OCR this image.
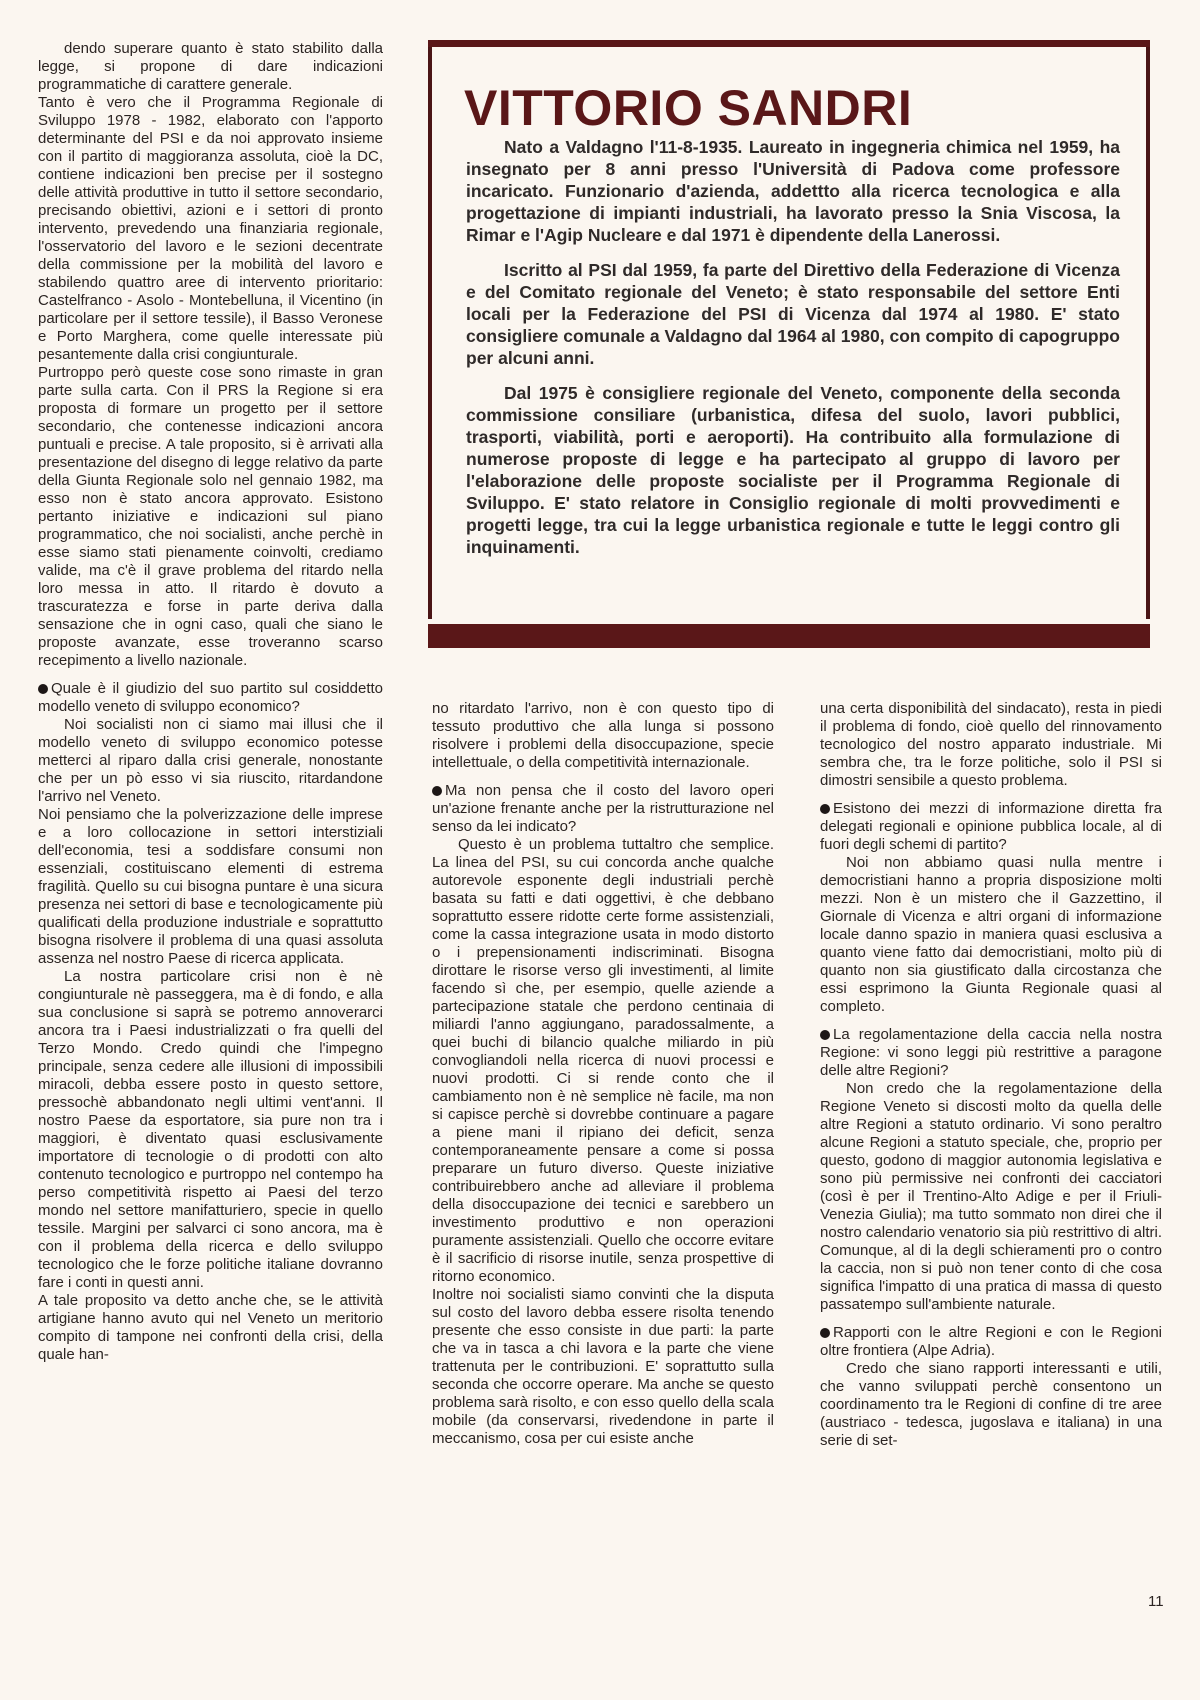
dendo superare quanto è stato stabilito dalla legge, si propone di dare indicazioni programmatiche di carattere generale.

Tanto è vero che il Programma Regionale di Sviluppo 1978 - 1982, elaborato con l'apporto determinante del PSI e da noi approvato insieme con il partito di maggioranza assoluta, cioè la DC, contiene indicazioni ben precise per il sostegno delle attività produttive in tutto il settore secondario, precisando obiettivi, azioni e i settori di pronto intervento, prevedendo una finanziaria regionale, l'osservatorio del lavoro e le sezioni decentrate della commissione per la mobilità del lavoro e stabilendo quattro aree di intervento prioritario: Castelfranco - Asolo - Montebelluna, il Vicentino (in particolare per il settore tessile), il Basso Veronese e Porto Marghera, come quelle interessate più pesantemente dalla crisi congiunturale.

Purtroppo però queste cose sono rimaste in gran parte sulla carta. Con il PRS la Regione si era proposta di formare un progetto per il settore secondario, che contenesse indicazioni ancora puntuali e precise. A tale proposito, si è arrivati alla presentazione del disegno di legge relativo da parte della Giunta Regionale solo nel gennaio 1982, ma esso non è stato ancora approvato. Esistono pertanto iniziative e indicazioni sul piano programmatico, che noi socialisti, anche perchè in esse siamo stati pienamente coinvolti, crediamo valide, ma c'è il grave problema del ritardo nella loro messa in atto. Il ritardo è dovuto a trascuratezza e forse in parte deriva dalla sensazione che in ogni caso, quali che siano le proposte avanzate, esse troveranno scarso recepimento a livello nazionale.

Quale è il giudizio del suo partito sul cosiddetto modello veneto di sviluppo economico?

Noi socialisti non ci siamo mai illusi che il modello veneto di sviluppo economico potesse metterci al riparo dalla crisi generale, nonostante che per un pò esso vi sia riuscito, ritardandone l'arrivo nel Veneto.

Noi pensiamo che la polverizzazione delle imprese e a loro collocazione in settori interstiziali dell'economia, tesi a soddisfare consumi non essenziali, costituiscano elementi di estrema fragilità. Quello su cui bisogna puntare è una sicura presenza nei settori di base e tecnologicamente più qualificati della produzione industriale e soprattutto bisogna risolvere il problema di una quasi assoluta assenza nel nostro Paese di ricerca applicata.

La nostra particolare crisi non è nè congiunturale nè passeggera, ma è di fondo, e alla sua conclusione si saprà se potremo annoverarci ancora tra i Paesi industrializzati o fra quelli del Terzo Mondo. Credo quindi che l'impegno principale, senza cedere alle illusioni di impossibili miracoli, debba essere posto in questo settore, pressochè abbandonato negli ultimi vent'anni. Il nostro Paese da esportatore, sia pure non tra i maggiori, è diventato quasi esclusivamente importatore di tecnologie o di prodotti con alto contenuto tecnologico e purtroppo nel contempo ha perso competitività rispetto ai Paesi del terzo mondo nel settore manifatturiero, specie in quello tessile. Margini per salvarci ci sono ancora, ma è con il problema della ricerca e dello sviluppo tecnologico che le forze politiche italiane dovranno fare i conti in questi anni.

A tale proposito va detto anche che, se le attività artigiane hanno avuto qui nel Veneto un meritorio compito di tampone nei confronti della crisi, della quale han-

VITTORIO SANDRI

Nato a Valdagno l'11-8-1935. Laureato in ingegneria chimica nel 1959, ha insegnato per 8 anni presso l'Università di Padova come professore incaricato. Funzionario d'azienda, addettto alla ricerca tecnologica e alla progettazione di impianti industriali, ha lavorato presso la Snia Viscosa, la Rimar e l'Agip Nucleare e dal 1971 è dipendente della Lanerossi.

Iscritto al PSI dal 1959, fa parte del Direttivo della Federazione di Vicenza e del Comitato regionale del Veneto; è stato responsabile del settore Enti locali per la Federazione del PSI di Vicenza dal 1974 al 1980. E' stato consigliere comunale a Valdagno dal 1964 al 1980, con compito di capogruppo per alcuni anni.

Dal 1975 è consigliere regionale del Veneto, componente della seconda commissione consiliare (urbanistica, difesa del suolo, lavori pubblici, trasporti, viabilità, porti e aeroporti). Ha contribuito alla formulazione di numerose proposte di legge e ha partecipato al gruppo di lavoro per l'elaborazione delle proposte socialiste per il Programma Regionale di Sviluppo. E' stato relatore in Consiglio regionale di molti provvedimenti e progetti legge, tra cui la legge urbanistica regionale e tutte le leggi contro gli inquinamenti.

no ritardato l'arrivo, non è con questo tipo di tessuto produttivo che alla lunga si possono risolvere i problemi della disoccupazione, specie intellettuale, o della competitività internazionale.

Ma non pensa che il costo del lavoro operi un'azione frenante anche per la ristrutturazione nel senso da lei indicato?

Questo è un problema tuttaltro che semplice. La linea del PSI, su cui concorda anche qualche autorevole esponente degli industriali perchè basata su fatti e dati oggettivi, è che debbano soprattutto essere ridotte certe forme assistenziali, come la cassa integrazione usata in modo distorto o i prepensionamenti indiscriminati. Bisogna dirottare le risorse verso gli investimenti, al limite facendo sì che, per esempio, quelle aziende a partecipazione statale che perdono centinaia di miliardi l'anno aggiungano, paradossalmente, a quei buchi di bilancio qualche miliardo in più convogliandoli nella ricerca di nuovi processi e nuovi prodotti. Ci si rende conto che il cambiamento non è nè semplice nè facile, ma non si capisce perchè si dovrebbe continuare a pagare a piene mani il ripiano dei deficit, senza contemporaneamente pensare a come si possa preparare un futuro diverso. Queste iniziative contribuirebbero anche ad alleviare il problema della disoccupazione dei tecnici e sarebbero un investimento produttivo e non operazioni puramente assistenziali. Quello che occorre evitare è il sacrificio di risorse inutile, senza prospettive di ritorno economico.

Inoltre noi socialisti siamo convinti che la disputa sul costo del lavoro debba essere risolta tenendo presente che esso consiste in due parti: la parte che va in tasca a chi lavora e la parte che viene trattenuta per le contribuzioni. E' soprattutto sulla seconda che occorre operare. Ma anche se questo problema sarà risolto, e con esso quello della scala mobile (da conservarsi, rivedendone in parte il meccanismo, cosa per cui esiste anche

una certa disponibilità del sindacato), resta in piedi il problema di fondo, cioè quello del rinnovamento tecnologico del nostro apparato industriale. Mi sembra che, tra le forze politiche, solo il PSI si dimostri sensibile a questo problema.

Esistono dei mezzi di informazione diretta fra delegati regionali e opinione pubblica locale, al di fuori degli schemi di partito?

Noi non abbiamo quasi nulla mentre i democristiani hanno a propria disposizione molti mezzi. Non è un mistero che il Gazzettino, il Giornale di Vicenza e altri organi di informazione locale danno spazio in maniera quasi esclusiva a quanto viene fatto dai democristiani, molto più di quanto non sia giustificato dalla circostanza che essi esprimono la Giunta Regionale quasi al completo.

La regolamentazione della caccia nella nostra Regione: vi sono leggi più restrittive a paragone delle altre Regioni?

Non credo che la regolamentazione della Regione Veneto si discosti molto da quella delle altre Regioni a statuto ordinario. Vi sono peraltro alcune Regioni a statuto speciale, che, proprio per questo, godono di maggior autonomia legislativa e sono più permissive nei confronti dei cacciatori (così è per il Trentino-Alto Adige e per il Friuli-Venezia Giulia); ma tutto sommato non direi che il nostro calendario venatorio sia più restrittivo di altri. Comunque, al di la degli schieramenti pro o contro la caccia, non si può non tener conto di che cosa significa l'impatto di una pratica di massa di questo passatempo sull'ambiente naturale.

Rapporti con le altre Regioni e con le Regioni oltre frontiera (Alpe Adria).

Credo che siano rapporti interessanti e utili, che vanno sviluppati perchè consentono un coordinamento tra le Regioni di confine di tre aree (austriaco - tedesca, jugoslava e italiana) in una serie di set-

11
